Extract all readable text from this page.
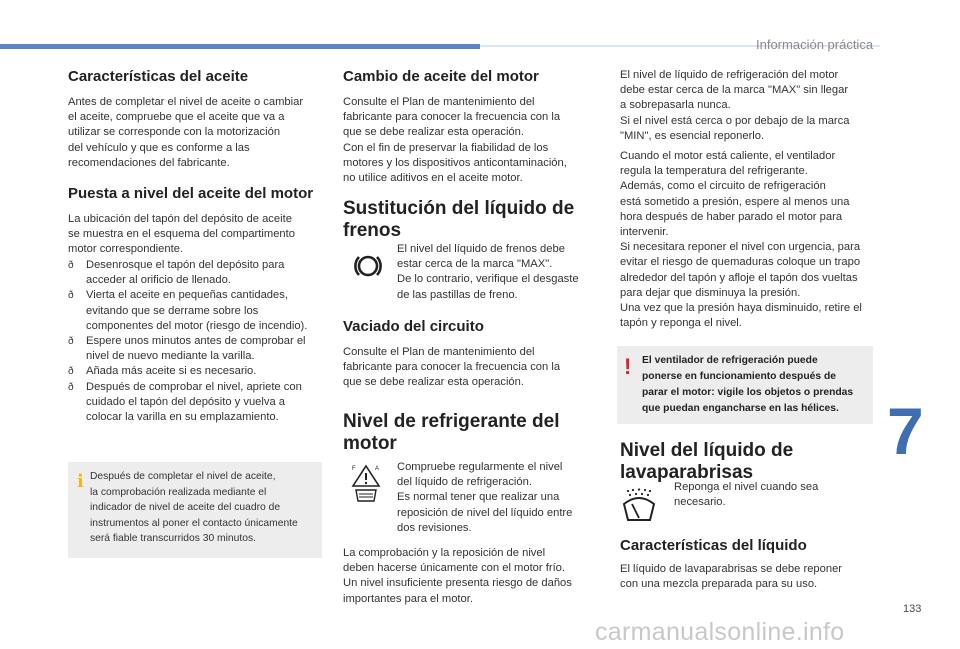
Información práctica
7
133
carmanualsonline.info
Características del aceite
Antes de completar el nivel de aceite o cambiar
el aceite, compruebe que el aceite que va a
utilizar se corresponde con la motorización
del vehículo y que es conforme a las
recomendaciones del fabricante.
Puesta a nivel del aceite del motor
La ubicación del tapón del depósito de aceite
se muestra en el esquema del compartimento
motor correspondiente.
ð Desenrosque el tapón del depósito para
acceder al orificio de llenado.
ð Vierta el aceite en pequeñas cantidades,
evitando que se derrame sobre los
componentes del motor (riesgo de incendio).
ð Espere unos minutos antes de comprobar el
nivel de nuevo mediante la varilla.
ð Añada más aceite si es necesario.
ð Después de comprobar el nivel, apriete con
cuidado el tapón del depósito y vuelva a
colocar la varilla en su emplazamiento.
i Después de completar el nivel de aceite,
la comprobación realizada mediante el
indicador de nivel de aceite del cuadro de
instrumentos al poner el contacto únicamente
será fiable transcurridos 30 minutos.
Cambio de aceite del motor
Consulte el Plan de mantenimiento del
fabricante para conocer la frecuencia con la
que se debe realizar esta operación.
Con el fin de preservar la fiabilidad de los
motores y los dispositivos anticontaminación,
no utilice aditivos en el aceite motor.
Sustitución del líquido de
frenos
El nivel del líquido de frenos debe
estar cerca de la marca "MAX".
De lo contrario, verifique el desgaste
de las pastillas de freno.
Vaciado del circuito
Consulte el Plan de mantenimiento del
fabricante para conocer la frecuencia con la
que se debe realizar esta operación.
Nivel de refrigerante del
motor
F	A Compruebe regularmente el nivel
del líquido de refrigeración.
Es normal tener que realizar una
reposición de nivel del líquido entre
dos revisiones.
La comprobación y la reposición de nivel
deben hacerse únicamente con el motor frío.
Un nivel insuficiente presenta riesgo de daños
importantes para el motor.
El nivel de líquido de refrigeración del motor
debe estar cerca de la marca "MAX" sin llegar
a sobrepasarla nunca.
Si el nivel está cerca o por debajo de la marca
"MIN", es esencial reponerlo.
Cuando el motor está caliente, el ventilador
regula la temperatura del refrigerante.
Además, como el circuito de refrigeración
está sometido a presión, espere al menos una
hora después de haber parado el motor para
intervenir.
Si necesitara reponer el nivel con urgencia, para
evitar el riesgo de quemaduras coloque un trapo
alrededor del tapón y afloje el tapón dos vueltas
para dejar que disminuya la presión.
Una vez que la presión haya disminuido, retire el
tapón y reponga el nivel.
! El ventilador de refrigeración puede
ponerse en funcionamiento después de
parar el motor: vigile los objetos o prendas
que puedan engancharse en las hélices.
Nivel del líquido de
lavaparabrisas
Reponga el nivel cuando sea
necesario.
Características del líquido
El líquido de lavaparabrisas se debe reponer
con una mezcla preparada para su uso.
